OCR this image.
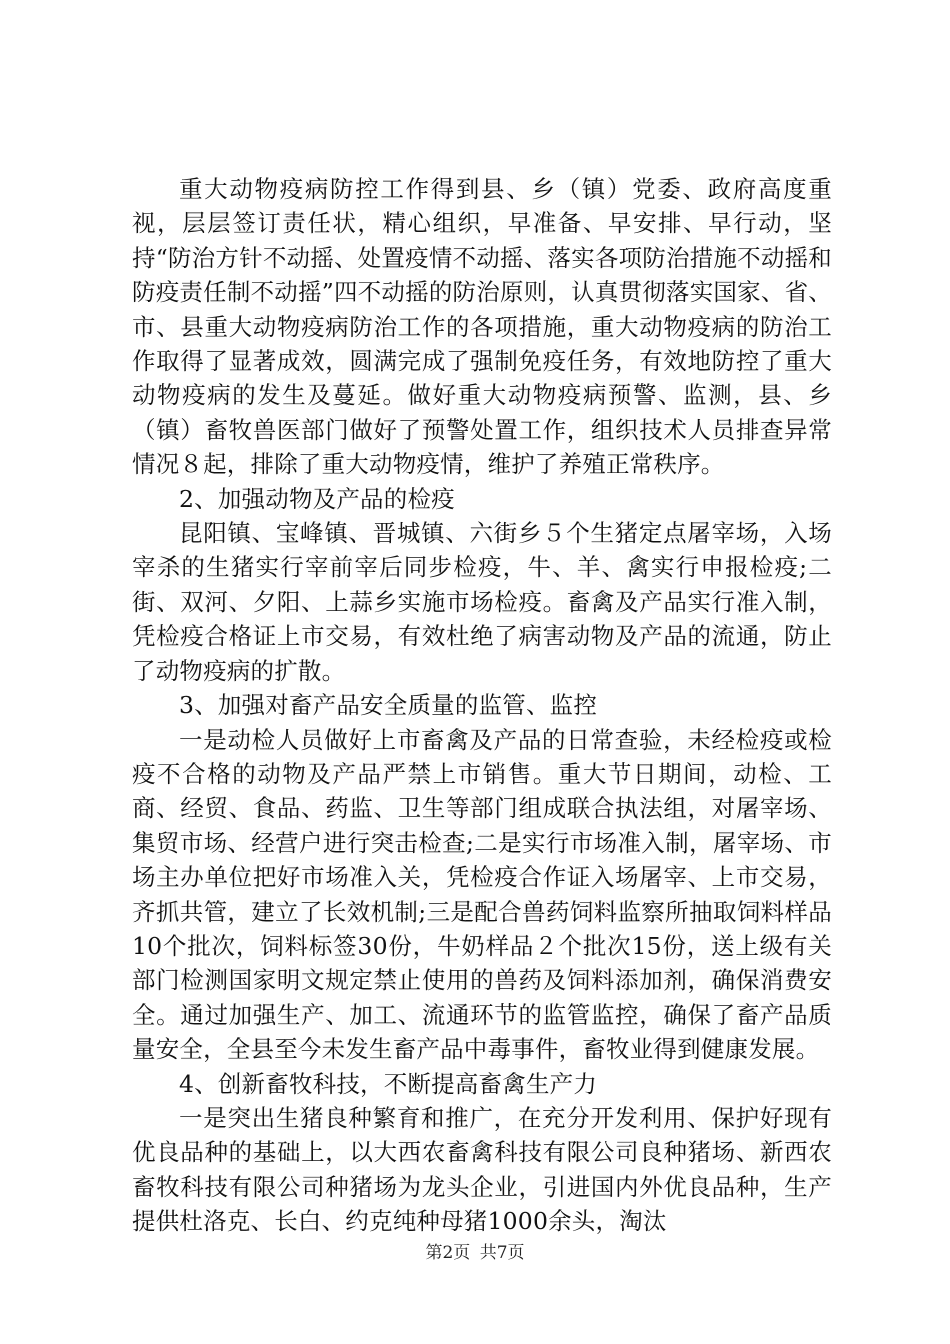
重大动物疫病防控工作得到县、乡（镇）党委、政府高度重视，层层签订责任状，精心组织，早准备、早安排、早行动，坚持“防治方针不动摇、处置疫情不动摇、落实各项防治措施不动摇和防疫责任制不动摇”四不动摇的防治原则，认真贯彻落实国家、省、市、县重大动物疫病防治工作的各项措施，重大动物疫病的防治工作取得了显著成效，圆满完成了强制免疫任务，有效地防控了重大动物疫病的发生及蔓延。做好重大动物疫病预警、监测，县、乡（镇）畜牧兽医部门做好了预警处置工作，组织技术人员排查异常情况８起，排除了重大动物疫情，维护了养殖正常秩序。

2、加强动物及产品的检疫

昆阳镇、宝峰镇、晋城镇、六街乡５个生猪定点屠宰场，入场宰杀的生猪实行宰前宰后同步检疫，牛、羊、禽实行申报检疫;二街、双河、夕阳、上蒜乡实施市场检疫。畜禽及产品实行准入制，凭检疫合格证上市交易，有效杜绝了病害动物及产品的流通，防止了动物疫病的扩散。

3、加强对畜产品安全质量的监管、监控

一是动检人员做好上市畜禽及产品的日常查验，未经检疫或检疫不合格的动物及产品严禁上市销售。重大节日期间，动检、工商、经贸、食品、药监、卫生等部门组成联合执法组，对屠宰场、集贸市场、经营户进行突击检查;二是实行市场准入制，屠宰场、市场主办单位把好市场准入关，凭检疫合作证入场屠宰、上市交易，齐抓共管，建立了长效机制;三是配合兽药饲料监察所抽取饲料样品10个批次，饲料标签30份，牛奶样品２个批次15份，送上级有关部门检测国家明文规定禁止使用的兽药及饲料添加剂，确保消费安全。通过加强生产、加工、流通环节的监管监控，确保了畜产品质量安全，全县至今未发生畜产品中毒事件，畜牧业得到健康发展。

4、创新畜牧科技，不断提高畜禽生产力

一是突出生猪良种繁育和推广，在充分开发利用、保护好现有优良品种的基础上，以大西农畜禽科技有限公司良种猪场、新西农畜牧科技有限公司种猪场为龙头企业，引进国内外优良品种，生产提供杜洛克、长白、约克纯种母猪1000余头，淘汰

第2页 共7页
